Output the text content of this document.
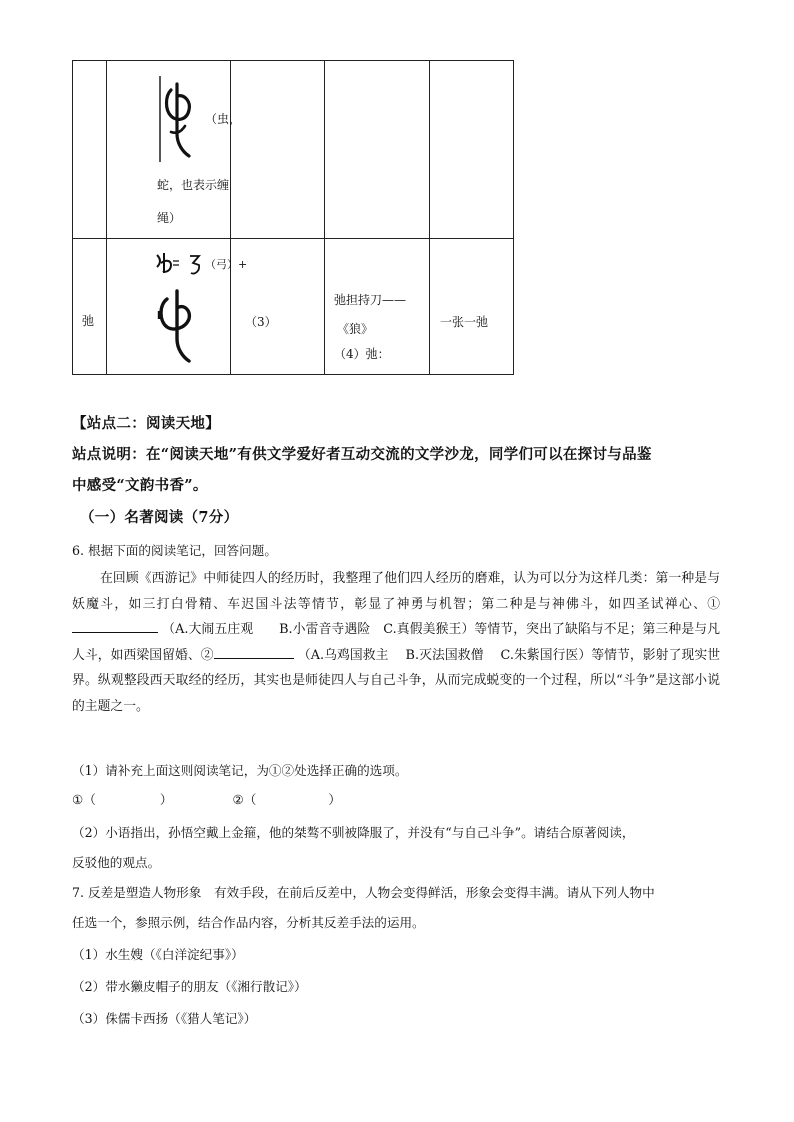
	（虫，
蛇，也表示缠
绳）			

弛	（弓）+	（3）	弛担持刀——
《狼》
（4）弛：	一张一弛
【站点二：阅读天地】
站点说明：在“阅读天地”有供文学爱好者互动交流的文学沙龙，同学们可以在探讨与品鉴
中感受“文韵书香”。
（一）名著阅读（7分）
6. 根据下面的阅读笔记，回答问题。
在回顾《西游记》中师徒四人的经历时，我整理了他们四人经历的磨难，认为可以分为这样几类：第一种是与妖魔斗，如三打白骨精、车迟国斗法等情节，彰显了神勇与机智；第二种是与神佛斗，如四圣试禅心、① （A.大闹五庄观　　B.小雷音寺遇险　C.真假美猴王）等情节，突出了缺陷与不足；第三种是与凡人斗，如西梁国留婚、②	（A.乌鸡国救主　 B.灭法国救僧　 C.朱紫国行医）等情节，影射了现实世界。纵观整段西天取经的经历，其实也是师徒四人与自己斗争，从而完成蜕变的一个过程，所以“斗争”是这部小说的主题之一。
（1）请补充上面这则阅读笔记，为①②处选择正确的选项。
①（	）	②（	）
（2）小语指出，孙悟空戴上金箍，他的桀骜不驯被降服了，并没有“与自己斗争”。请结合原著阅读，
反驳他的观点。
7. 反差是塑造人物形象　有效手段，在前后反差中，人物会变得鲜活，形象会变得丰满。请从下列人物中
任选一个，参照示例，结合作品内容，分析其反差手法的运用。
（1）水生嫂（《白洋淀纪事》）
（2）带水獭皮帽子的朋友（《湘行散记》）
（3）侏儒卡西扬（《猎人笔记》）
